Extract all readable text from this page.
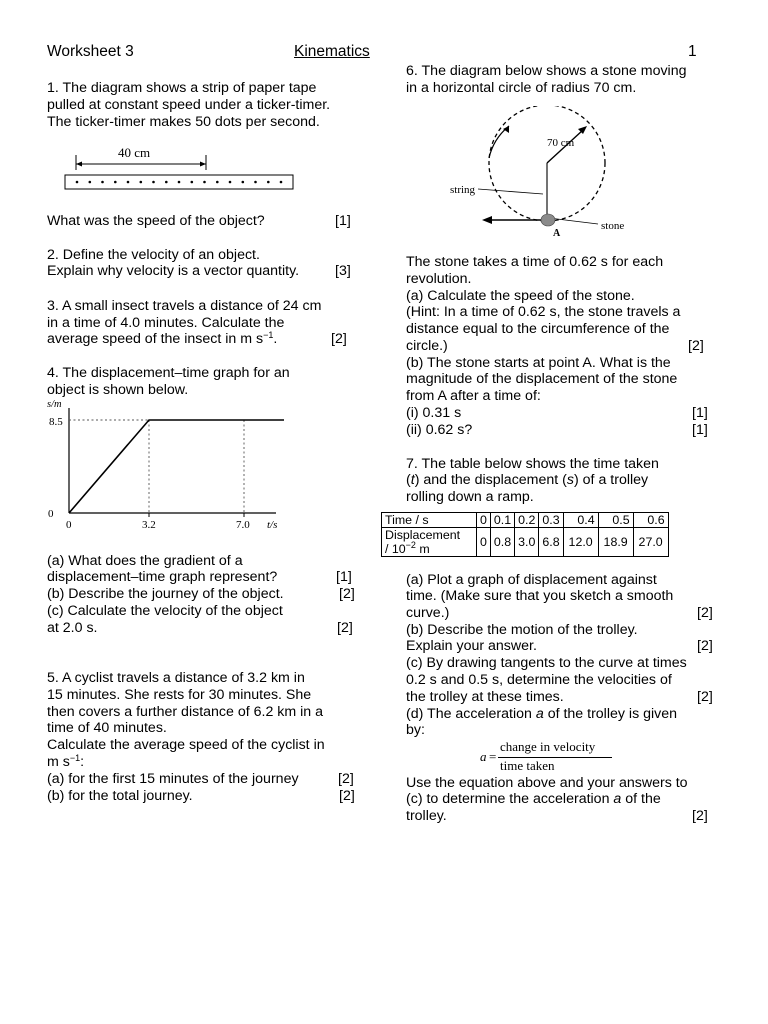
Worksheet 3	Kinematics	1
1. The diagram shows a strip of paper tape
pulled at constant speed under a ticker-timer.
The ticker-timer makes 50 dots per second.
40 cm
What was the speed of the object?	[1]
2. Define the velocity of an object.
Explain why velocity is a vector quantity.	[3]
3. A small insect travels a distance of 24 cm
in a time of 4.0 minutes. Calculate the
average speed of the insect in m $s^{-1}$.	[2]
4. The displacement–time graph for an
object is shown below.
s/m
8.5
0
0	3.2	7.0 t/s
(a) What does the gradient of a
displacement–time graph represent?	[1]
(b) Describe the journey of the object.	[2]
(c) Calculate the velocity of the object
at 2.0 s.	[2]
5. A cyclist travels a distance of 3.2 km in
15 minutes. She rests for 30 minutes. She
then covers a further distance of 6.2 km in a
time of 40 minutes.
Calculate the average speed of the cyclist in
m $s^{-1}$:
(a) for the first 15 minutes of the journey	[2]
(b) for the total journey.	[2]
6. The diagram below shows a stone moving
in a horizontal circle of radius 70 cm.
70 cm
string
stone
A
The stone takes a time of 0.62 s for each
revolution.
(a) Calculate the speed of the stone.
(Hint: In a time of 0.62 s, the stone travels a
distance equal to the circumference of the
circle.)	[2]
(b) The stone starts at point A. What is the
magnitude of the displacement of the stone
from A after a time of:
(i) 0.31 s	[1]
(ii) 0.62 s?	[1]
7. The table below shows the time taken
(t) and the displacement (s) of a trolley
rolling down a ramp.
Time / s	0	0.1	0.2	0.3	0.4	0.5	0.6
Displacement
/ $10^{-2}$ m	0	0.8	3.0	6.8	12.0	18.9	27.0
(a) Plot a graph of displacement against
time. (Make sure that you sketch a smooth
curve.)	[2]
(b) Describe the motion of the trolley.
Explain your answer.	[2]
(c) By drawing tangents to the curve at times
0.2 s and 0.5 s, determine the velocities of
the trolley at these times.	[2]
(d) The acceleration a of the trolley is given
by:
a =
change in velocity
time taken
Use the equation above and your answers to
(c) to determine the acceleration a of the
trolley.	[2]
